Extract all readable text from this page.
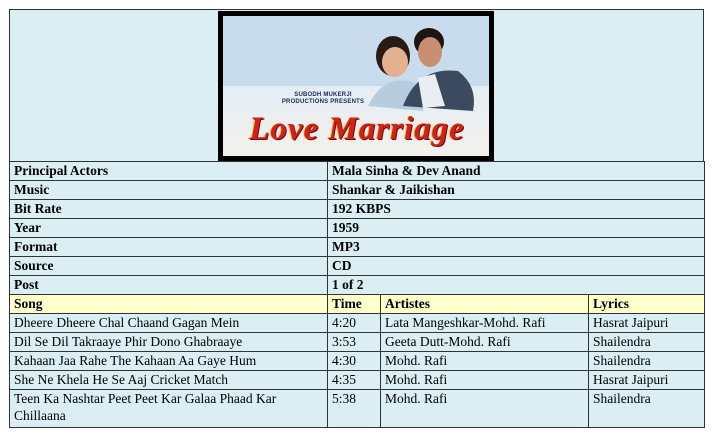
SUBODH MUKERJI
PRODUCTIONS PRESENTS
Love Marriage
Principal Actors	Mala Sinha & Dev Anand
Music	Shankar & Jaikishan
Bit Rate	192 KBPS
Year	1959
Format	MP3
Source	CD
Post	1 of 2
Song	Time	Artistes	Lyrics
Dheere Dheere Chal Chaand Gagan Mein	4:20	Lata Mangeshkar-Mohd. Rafi	Hasrat Jaipuri
Dil Se Dil Takraaye Phir Dono Ghabraaye	3:53	Geeta Dutt-Mohd. Rafi	Shailendra
Kahaan Jaa Rahe The Kahaan Aa Gaye Hum	4:30	Mohd. Rafi	Shailendra
She Ne Khela He Se Aaj Cricket Match	4:35	Mohd. Rafi	Hasrat Jaipuri
Teen Ka Nashtar Peet Peet Kar Galaa Phaad Kar Chillaana	5:38	Mohd. Rafi	Shailendra
